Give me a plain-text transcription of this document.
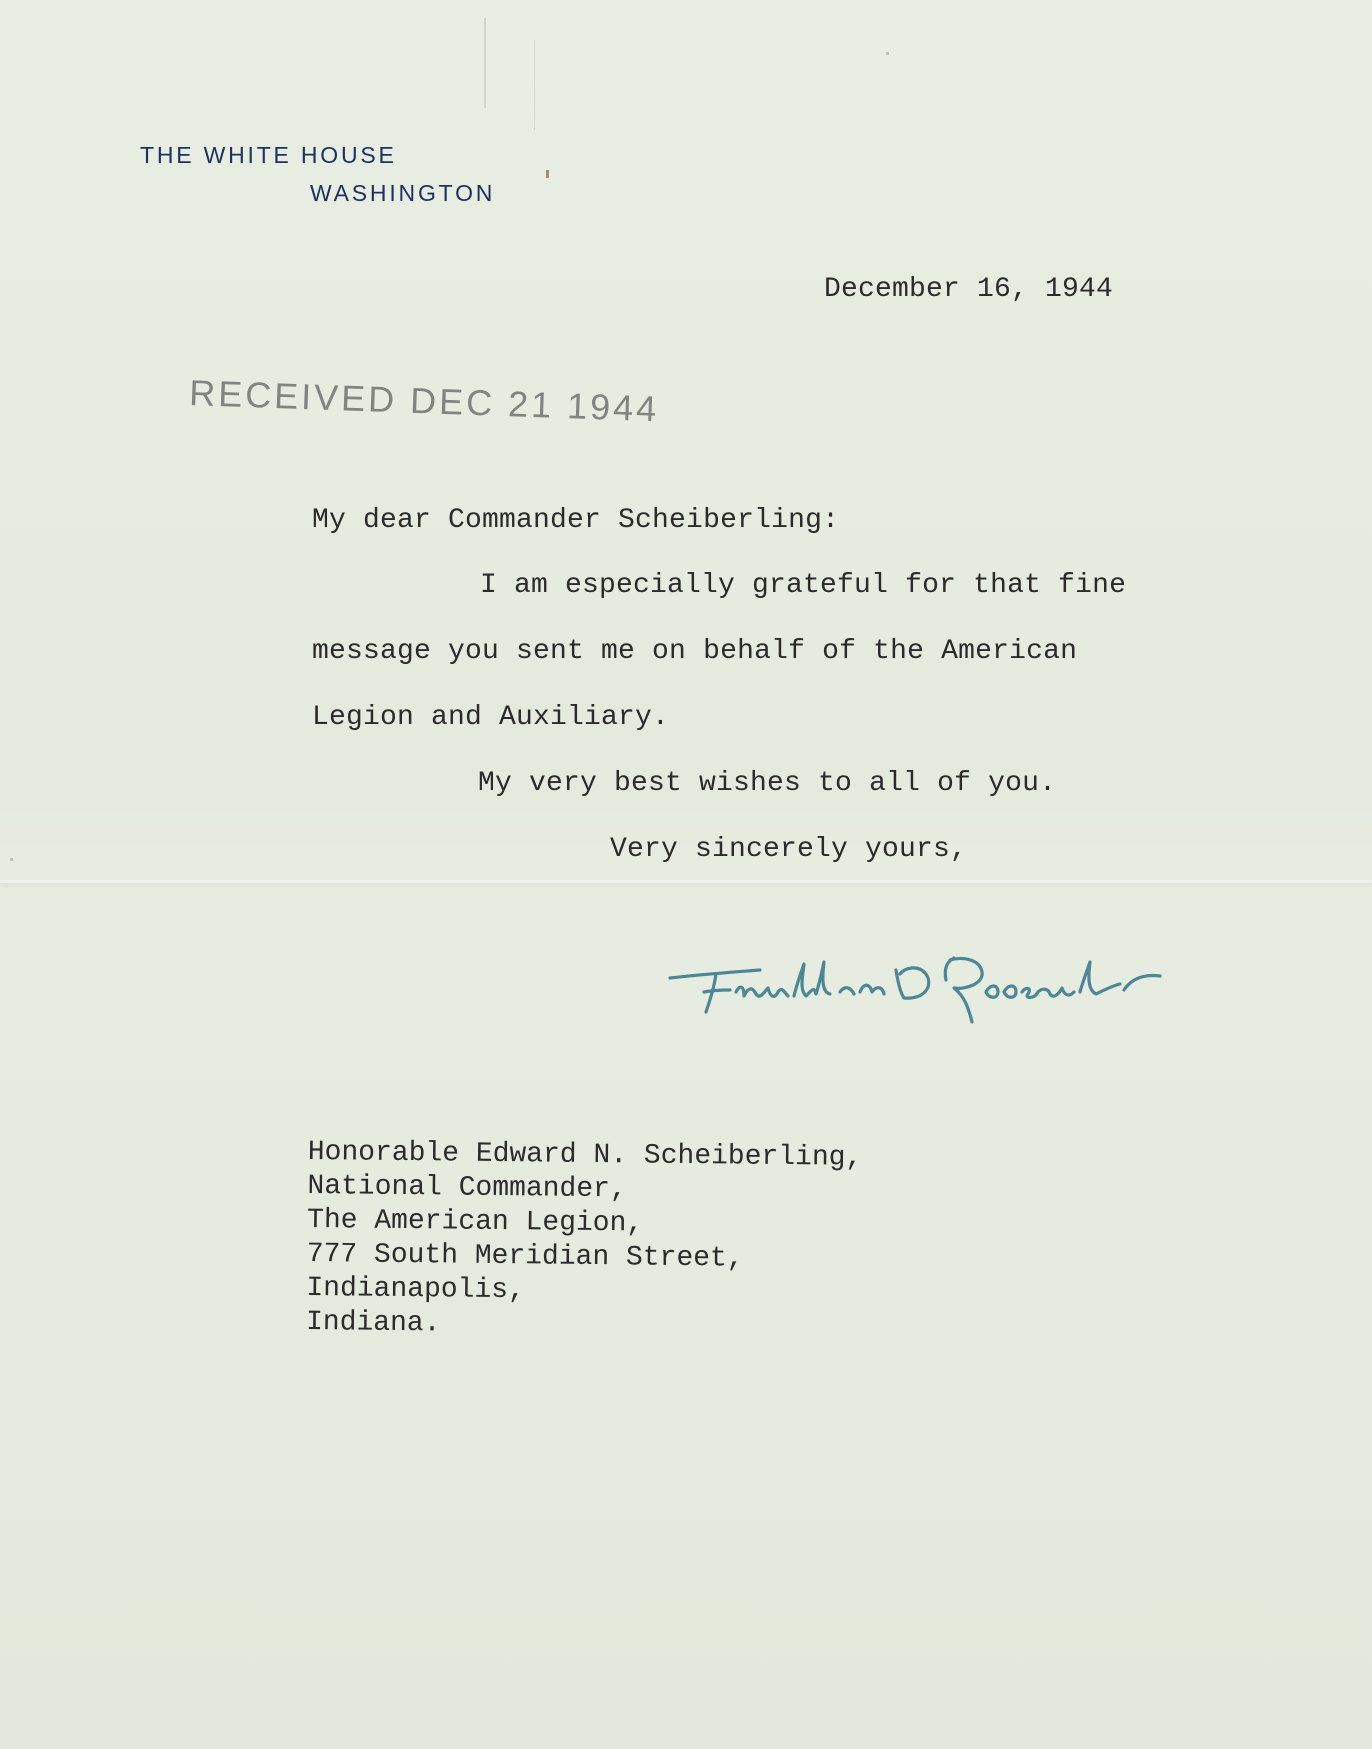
THE WHITE HOUSE
WASHINGTON
December 16, 1944
RECEIVED DEC 21 1944
My dear Commander Scheiberling:
I am especially grateful for that fine
message you sent me on behalf of the American
Legion and Auxiliary.
My very best wishes to all of you.
Very sincerely yours,
Honorable Edward N. Scheiberling,
National Commander,
The American Legion,
777 South Meridian Street,
Indianapolis,
Indiana.
